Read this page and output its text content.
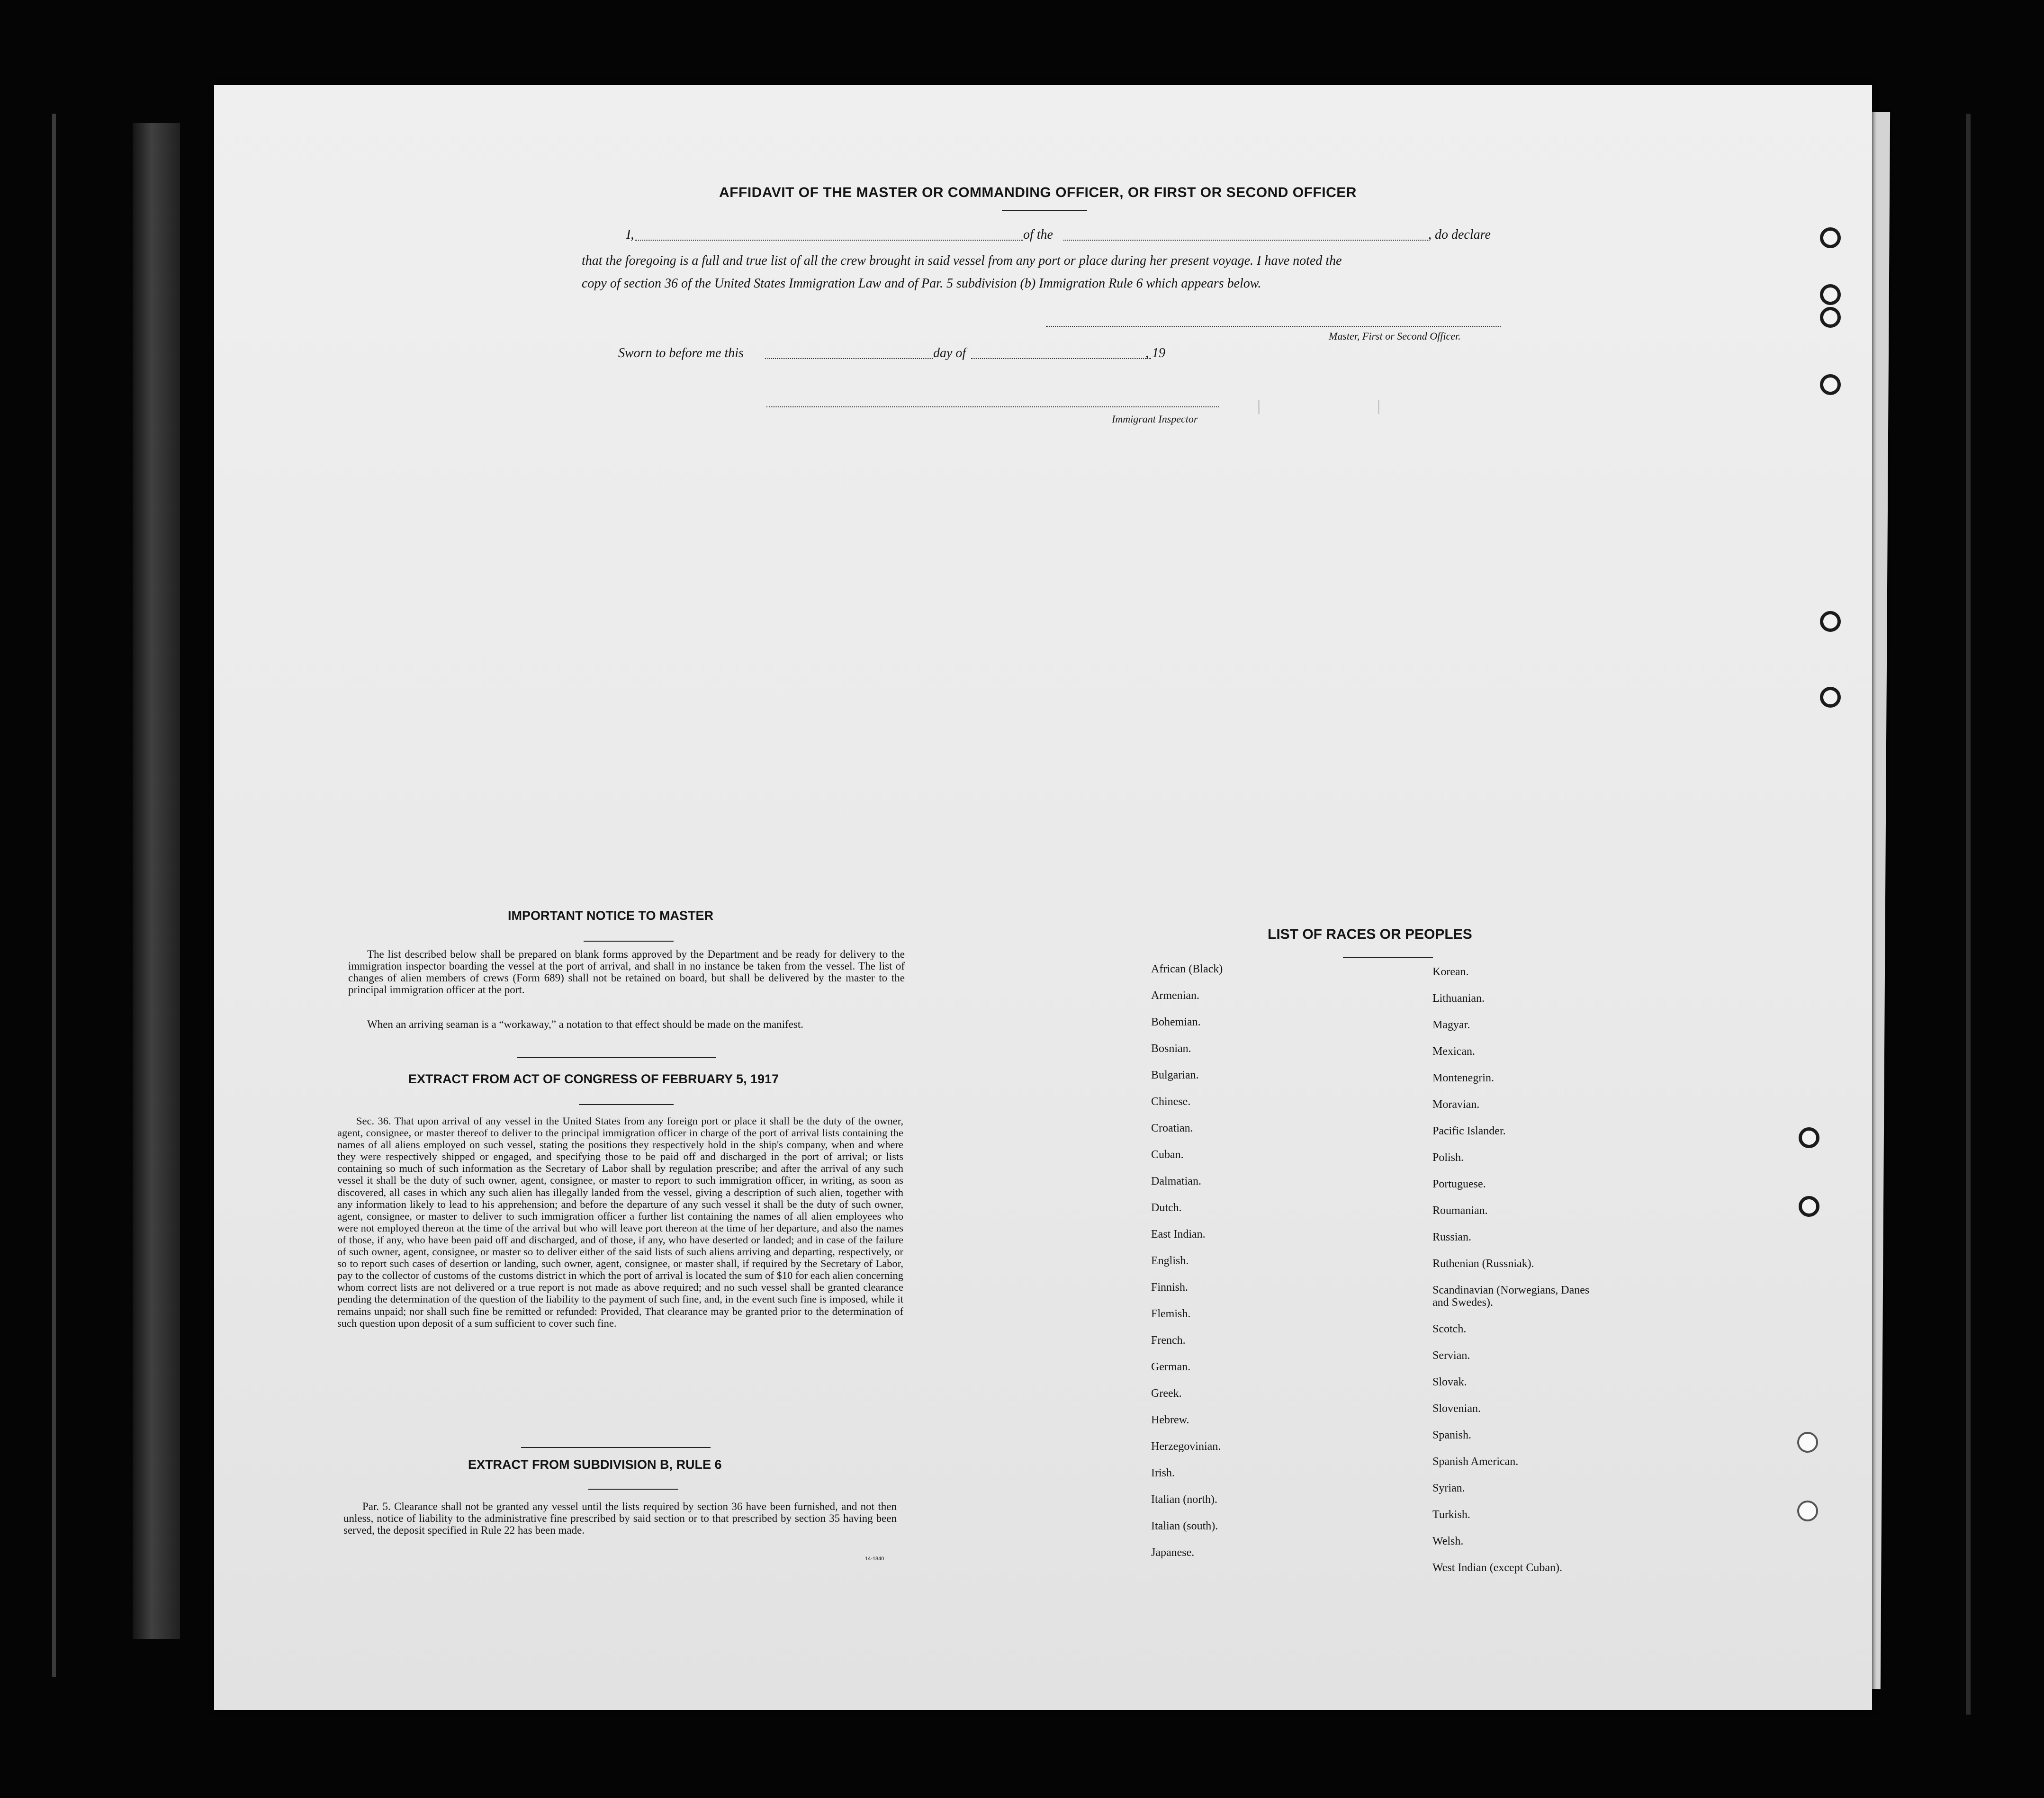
|             |
AFFIDAVIT OF THE MASTER OR COMMANDING OFFICER, OR FIRST OR SECOND OFFICER
I,	of the	, do declare
that the foregoing is a full and true list of all the crew brought in said vessel from any port or place during her present voyage. I have noted the
copy of section 36 of the United States Immigration Law and of Par. 5 subdivision (b) Immigration Rule 6 which appears below.
Master, First or Second Officer.
Sworn to before me this	day of	, 19
Immigrant Inspector
IMPORTANT NOTICE TO MASTER
The list described below shall be prepared on blank forms approved by the Department and be ready for delivery to the immigration inspector boarding the vessel at the port of arrival, and shall in no instance be taken from the vessel. The list of changes of alien members of crews (Form 689) shall not be retained on board, but shall be delivered by the master to the principal immigration officer at the port.
When an arriving seaman is a “workaway,” a notation to that effect should be made on the manifest.
EXTRACT FROM ACT OF CONGRESS OF FEBRUARY 5, 1917
Sec. 36. That upon arrival of any vessel in the United States from any foreign port or place it shall be the duty of the owner, agent, consignee, or master thereof to deliver to the principal immigration officer in charge of the port of arrival lists containing the names of all aliens employed on such vessel, stating the positions they respectively hold in the ship's company, when and where they were respectively shipped or engaged, and specifying those to be paid off and discharged in the port of arrival; or lists containing so much of such information as the Secretary of Labor shall by regulation prescribe; and after the arrival of any such vessel it shall be the duty of such owner, agent, consignee, or master to report to such immigration officer, in writing, as soon as discovered, all cases in which any such alien has illegally landed from the vessel, giving a description of such alien, together with any information likely to lead to his apprehension; and before the departure of any such vessel it shall be the duty of such owner, agent, consignee, or master to deliver to such immigration officer a further list containing the names of all alien employees who were not employed thereon at the time of the arrival but who will leave port thereon at the time of her departure, and also the names of those, if any, who have been paid off and discharged, and of those, if any, who have deserted or landed; and in case of the failure of such owner, agent, consignee, or master so to deliver either of the said lists of such aliens arriving and departing, respectively, or so to report such cases of desertion or landing, such owner, agent, consignee, or master shall, if required by the Secretary of Labor, pay to the collector of customs of the customs district in which the port of arrival is located the sum of $10 for each alien concerning whom correct lists are not delivered or a true report is not made as above required; and no such vessel shall be granted clearance pending the determination of the question of the liability to the payment of such fine, and, in the event such fine is imposed, while it remains unpaid; nor shall such fine be remitted or refunded: Provided, That clearance may be granted prior to the determination of such question upon deposit of a sum sufficient to cover such fine.
EXTRACT FROM SUBDIVISION B, RULE 6
Par. 5. Clearance shall not be granted any vessel until the lists required by section 36 have been furnished, and not then unless, notice of liability to the administrative fine prescribed by said section or to that prescribed by section 35 having been served, the deposit specified in Rule 22 has been made.
14-1840
LIST OF RACES OR PEOPLES
African (Black)
Armenian.
Bohemian.
Bosnian.
Bulgarian.
Chinese.
Croatian.
Cuban.
Dalmatian.
Dutch.
East Indian.
English.
Finnish.
Flemish.
French.
German.
Greek.
Hebrew.
Herzegovinian.
Irish.
Italian (north).
Italian (south).
Japanese.
Korean.
Lithuanian.
Magyar.
Mexican.
Montenegrin.
Moravian.
Pacific Islander.
Polish.
Portuguese.
Roumanian.
Russian.
Ruthenian (Russniak).
Scandinavian (Norwegians, Danes and Swedes).
Scotch.
Servian.
Slovak.
Slovenian.
Spanish.
Spanish American.
Syrian.
Turkish.
Welsh.
West Indian (except Cuban).
